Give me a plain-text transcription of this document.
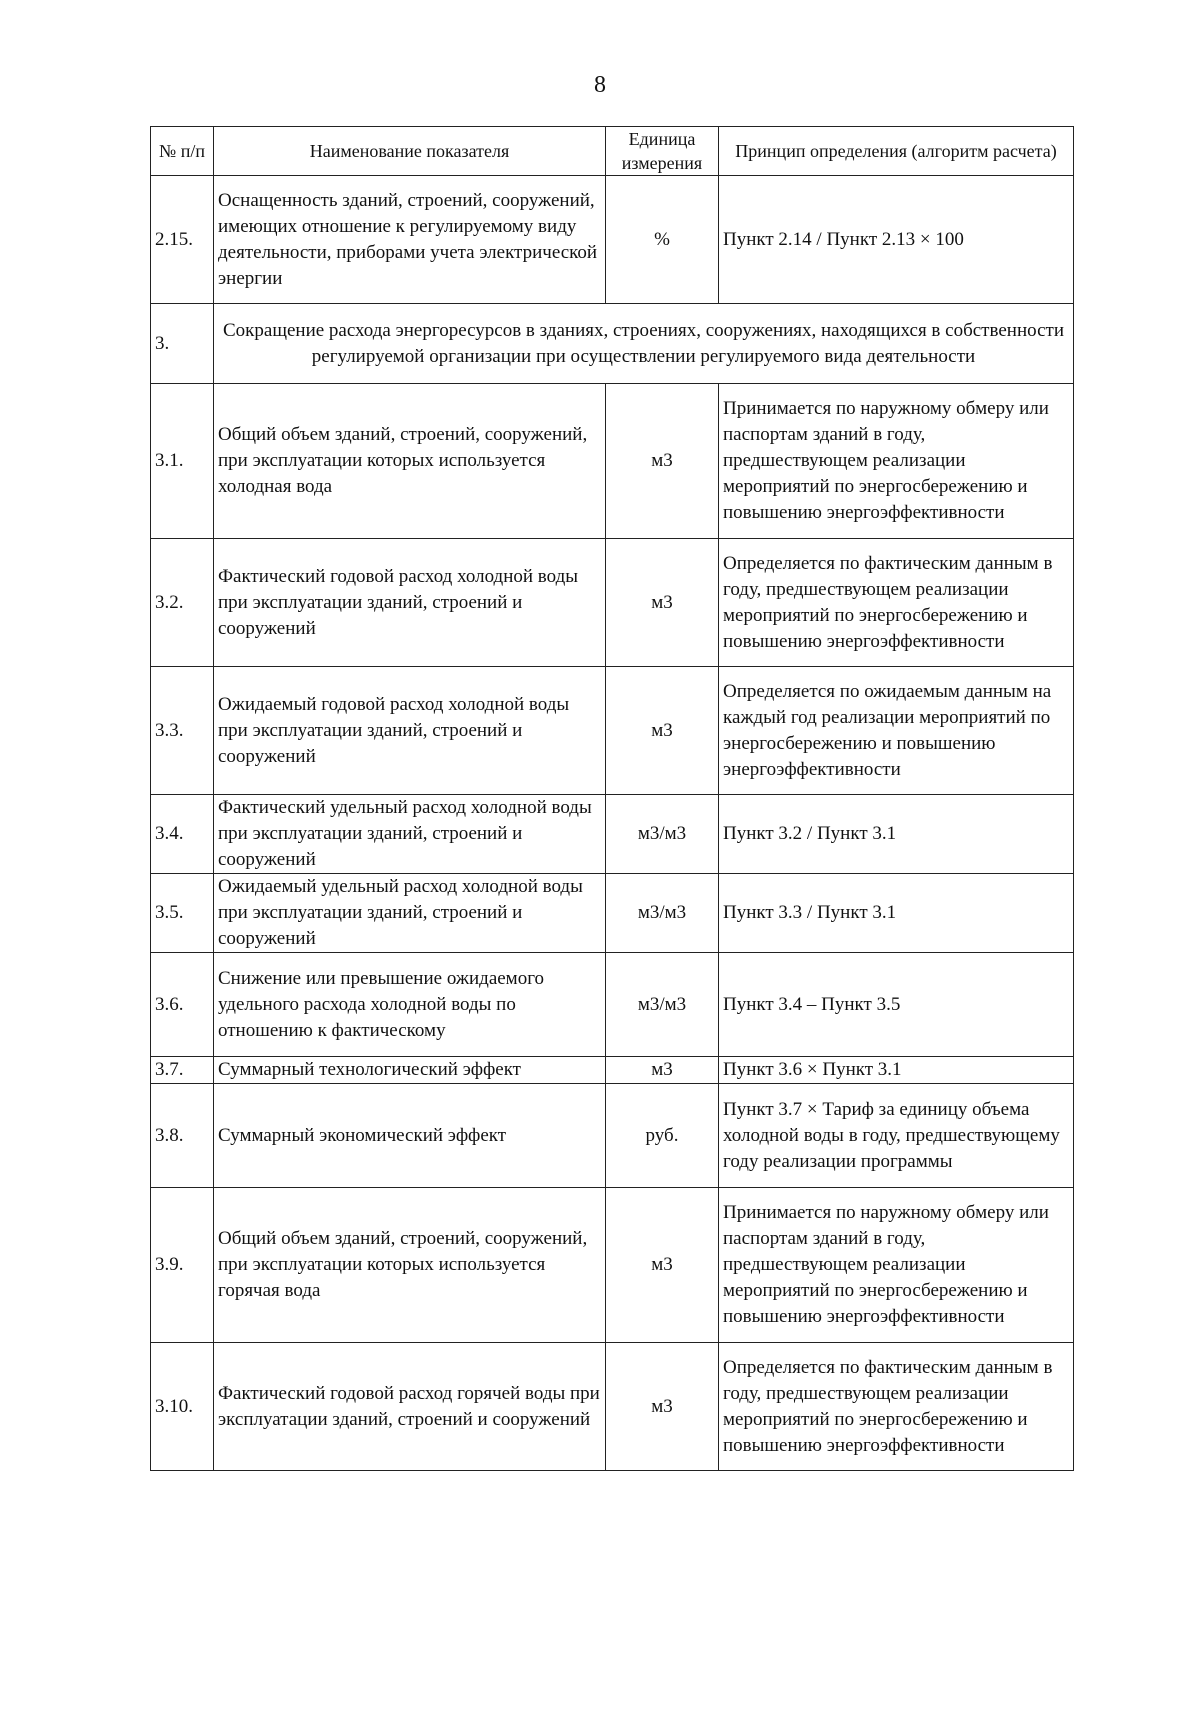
8
№ п/п	Наименование показателя	Единица измерения	Принцип определения (алгоритм расчета)
2.15.	Оснащенность зданий, строений, сооружений, имеющих отношение к регулируемому виду деятельности, приборами учета электрической энергии	%	Пункт 2.14 / Пункт 2.13 × 100
3.	Сокращение расхода энергоресурсов в зданиях, строениях, сооружениях, находящихся в собственности регулируемой организации при осуществлении регулируемого вида деятельности		
3.1.	Общий объем зданий, строений, сооружений, при эксплуатации которых используется холодная вода	м3	Принимается по наружному обмеру или паспортам зданий в году, предшествующем реализации мероприятий по энергосбережению и повышению энергоэффективности
3.2.	Фактический годовой расход холодной воды при эксплуатации зданий, строений и сооружений	м3	Определяется по фактическим данным в году, предшествующем реализации мероприятий по энергосбережению и повышению энергоэффективности
3.3.	Ожидаемый годовой расход холодной воды при эксплуатации зданий, строений и сооружений	м3	Определяется по ожидаемым данным на каждый год реализации мероприятий по энергосбережению и повышению энергоэффективности
3.4.	Фактический удельный расход холодной воды при эксплуатации зданий, строений и сооружений	м3/м3	Пункт 3.2 / Пункт 3.1
3.5.	Ожидаемый удельный расход холодной воды при эксплуатации зданий, строений и сооружений	м3/м3	Пункт 3.3 / Пункт 3.1
3.6.	Снижение или превышение ожидаемого удельного расхода холодной воды по отношению к фактическому	м3/м3	Пункт 3.4 – Пункт 3.5
3.7.	Суммарный технологический эффект	м3	Пункт 3.6 × Пункт 3.1
3.8.	Суммарный экономический эффект	руб.	Пункт 3.7 × Тариф за единицу объема холодной воды в году, предшествующему году реализации программы
3.9.	Общий объем зданий, строений, сооружений, при эксплуатации которых используется горячая вода	м3	Принимается по наружному обмеру или паспортам зданий в году, предшествующем реализации мероприятий по энергосбережению и повышению энергоэффективности
3.10.	Фактический годовой расход горячей воды при эксплуатации зданий, строений и сооружений	м3	Определяется по фактическим данным в году, предшествующем реализации мероприятий по энергосбережению и повышению энергоэффективности
